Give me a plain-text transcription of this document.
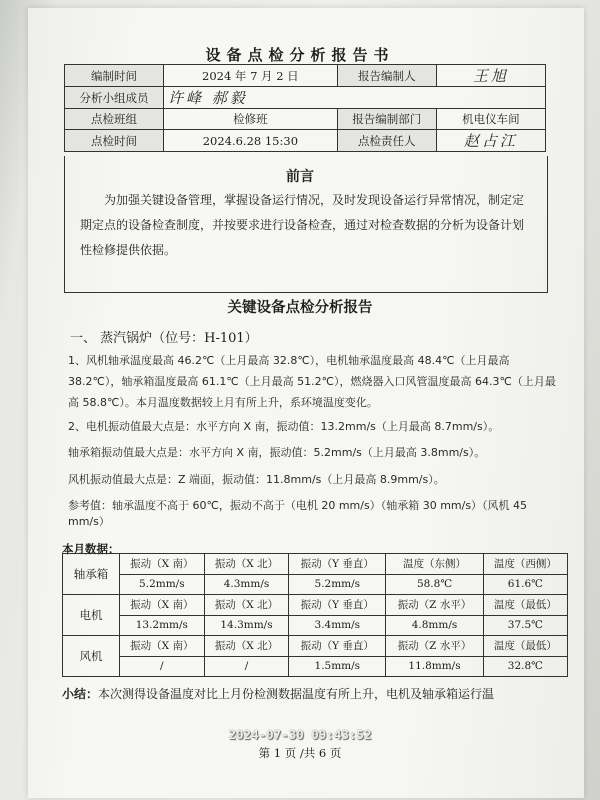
设备点检分析报告书
编制时间	2024 年 7 月 2 日	报告编制人	王旭
分析小组成员	许峰 郝毅		
点检班组	检修班	报告编制部门	机电仪车间
点检时间	2024.6.28 15:30	点检责任人	赵占江
前言
为加强关键设备管理，掌握设备运行情况，及时发现设备运行异常情况，制定定期定点的设备检查制度，并按要求进行设备检查，通过对检查数据的分析为设备计划性检修提供依据。
关键设备点检分析报告
一、 蒸汽锅炉（位号：H-101）
1、风机轴承温度最高 46.2℃（上月最高 32.8℃），电机轴承温度最高 48.4℃（上月最高 38.2℃），轴承箱温度最高 61.1℃（上月最高 51.2℃），燃烧器入口风管温度最高 64.3℃（上月最高 58.8℃）。本月温度数据较上月有所上升，系环境温度变化。
2、电机振动值最大点是：水平方向 X 南，振动值：13.2mm/s（上月最高 8.7mm/s）。
轴承箱振动值最大点是：水平方向 X 南，振动值：5.2mm/s（上月最高 3.8mm/s）。
风机振动值最大点是：Z 端面，振动值：11.8mm/s（上月最高 8.9mm/s）。
参考值：轴承温度不高于 60℃，振动不高于（电机 20 mm/s）（轴承箱 30 mm/s）（风机 45 mm/s）
本月数据：
轴承箱	振动（X 南）	振动（X 北）	振动（Y 垂直）	温度（东侧）	温度（西侧）
	5.2mm/s	4.3mm/s	5.2mm/s	58.8℃	61.6℃
电机	振动（X 南）	振动（X 北）	振动（Y 垂直）	振动（Z 水平）	温度（最低）
	13.2mm/s	14.3mm/s	3.4mm/s	4.8mm/s	37.5℃
风机	振动（X 南）	振动（X 北）	振动（Y 垂直）	振动（Z 水平）	温度（最低）
	/	/	1.5mm/s	11.8mm/s	32.8℃
小结：本次测得设备温度对比上月份检测数据温度有所上升，电机及轴承箱运行温
2024-07-30 09:43:52
第 1 页 /共 6 页
